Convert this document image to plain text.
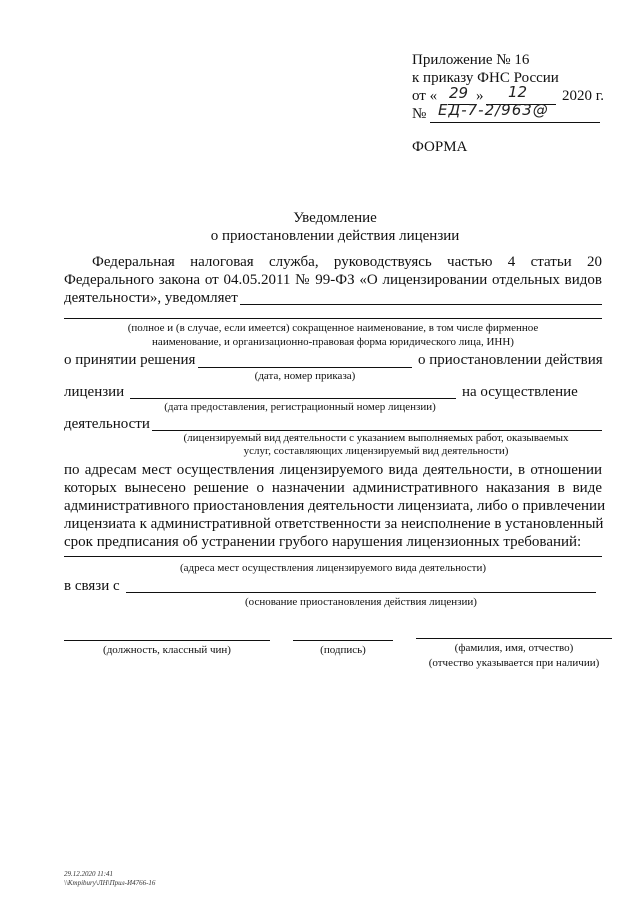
Приложение № 16
к приказу ФНС России
от « 29 » 12 2020 г.
№ ЕД-7-2/963@
ФОРМА
Уведомление
о приостановлении действия лицензии
Федеральная налоговая служба, руководствуясь частью 4 статьи 20
Федерального закона от 04.05.2011 № 99-ФЗ «О лицензировании отдельных видов
деятельности», уведомляет
(полное и (в случае, если имеется) сокращенное наименование, в том числе фирменное
наименование, и организационно-правовая форма юридического лица, ИНН)
о принятии решения	о приостановлении действия
(дата, номер приказа)
лицензии	на осуществление
(дата предоставления, регистрационный номер лицензии)
деятельности
(лицензируемый вид деятельности с указанием выполняемых работ, оказываемых
услуг, составляющих лицензируемый вид деятельности)
по адресам мест осуществления лицензируемого вида деятельности, в отношении
которых вынесено решение о назначении административного наказания в виде
административного приостановления деятельности лицензиата, либо о привлечении
лицензиата к административной ответственности за неисполнение в установленный
срок предписания об устранении грубого нарушения лицензионных требований:
(адреса мест осуществления лицензируемого вида деятельности)
в связи с
(основание приостановления действия лицензии)
(должность, классный чин)	(подпись)	(фамилия, имя, отчество)
(отчество указывается при наличии)
29.12.2020 11:41
\\Kmpibury\ЛН\Прил-И4766-16
